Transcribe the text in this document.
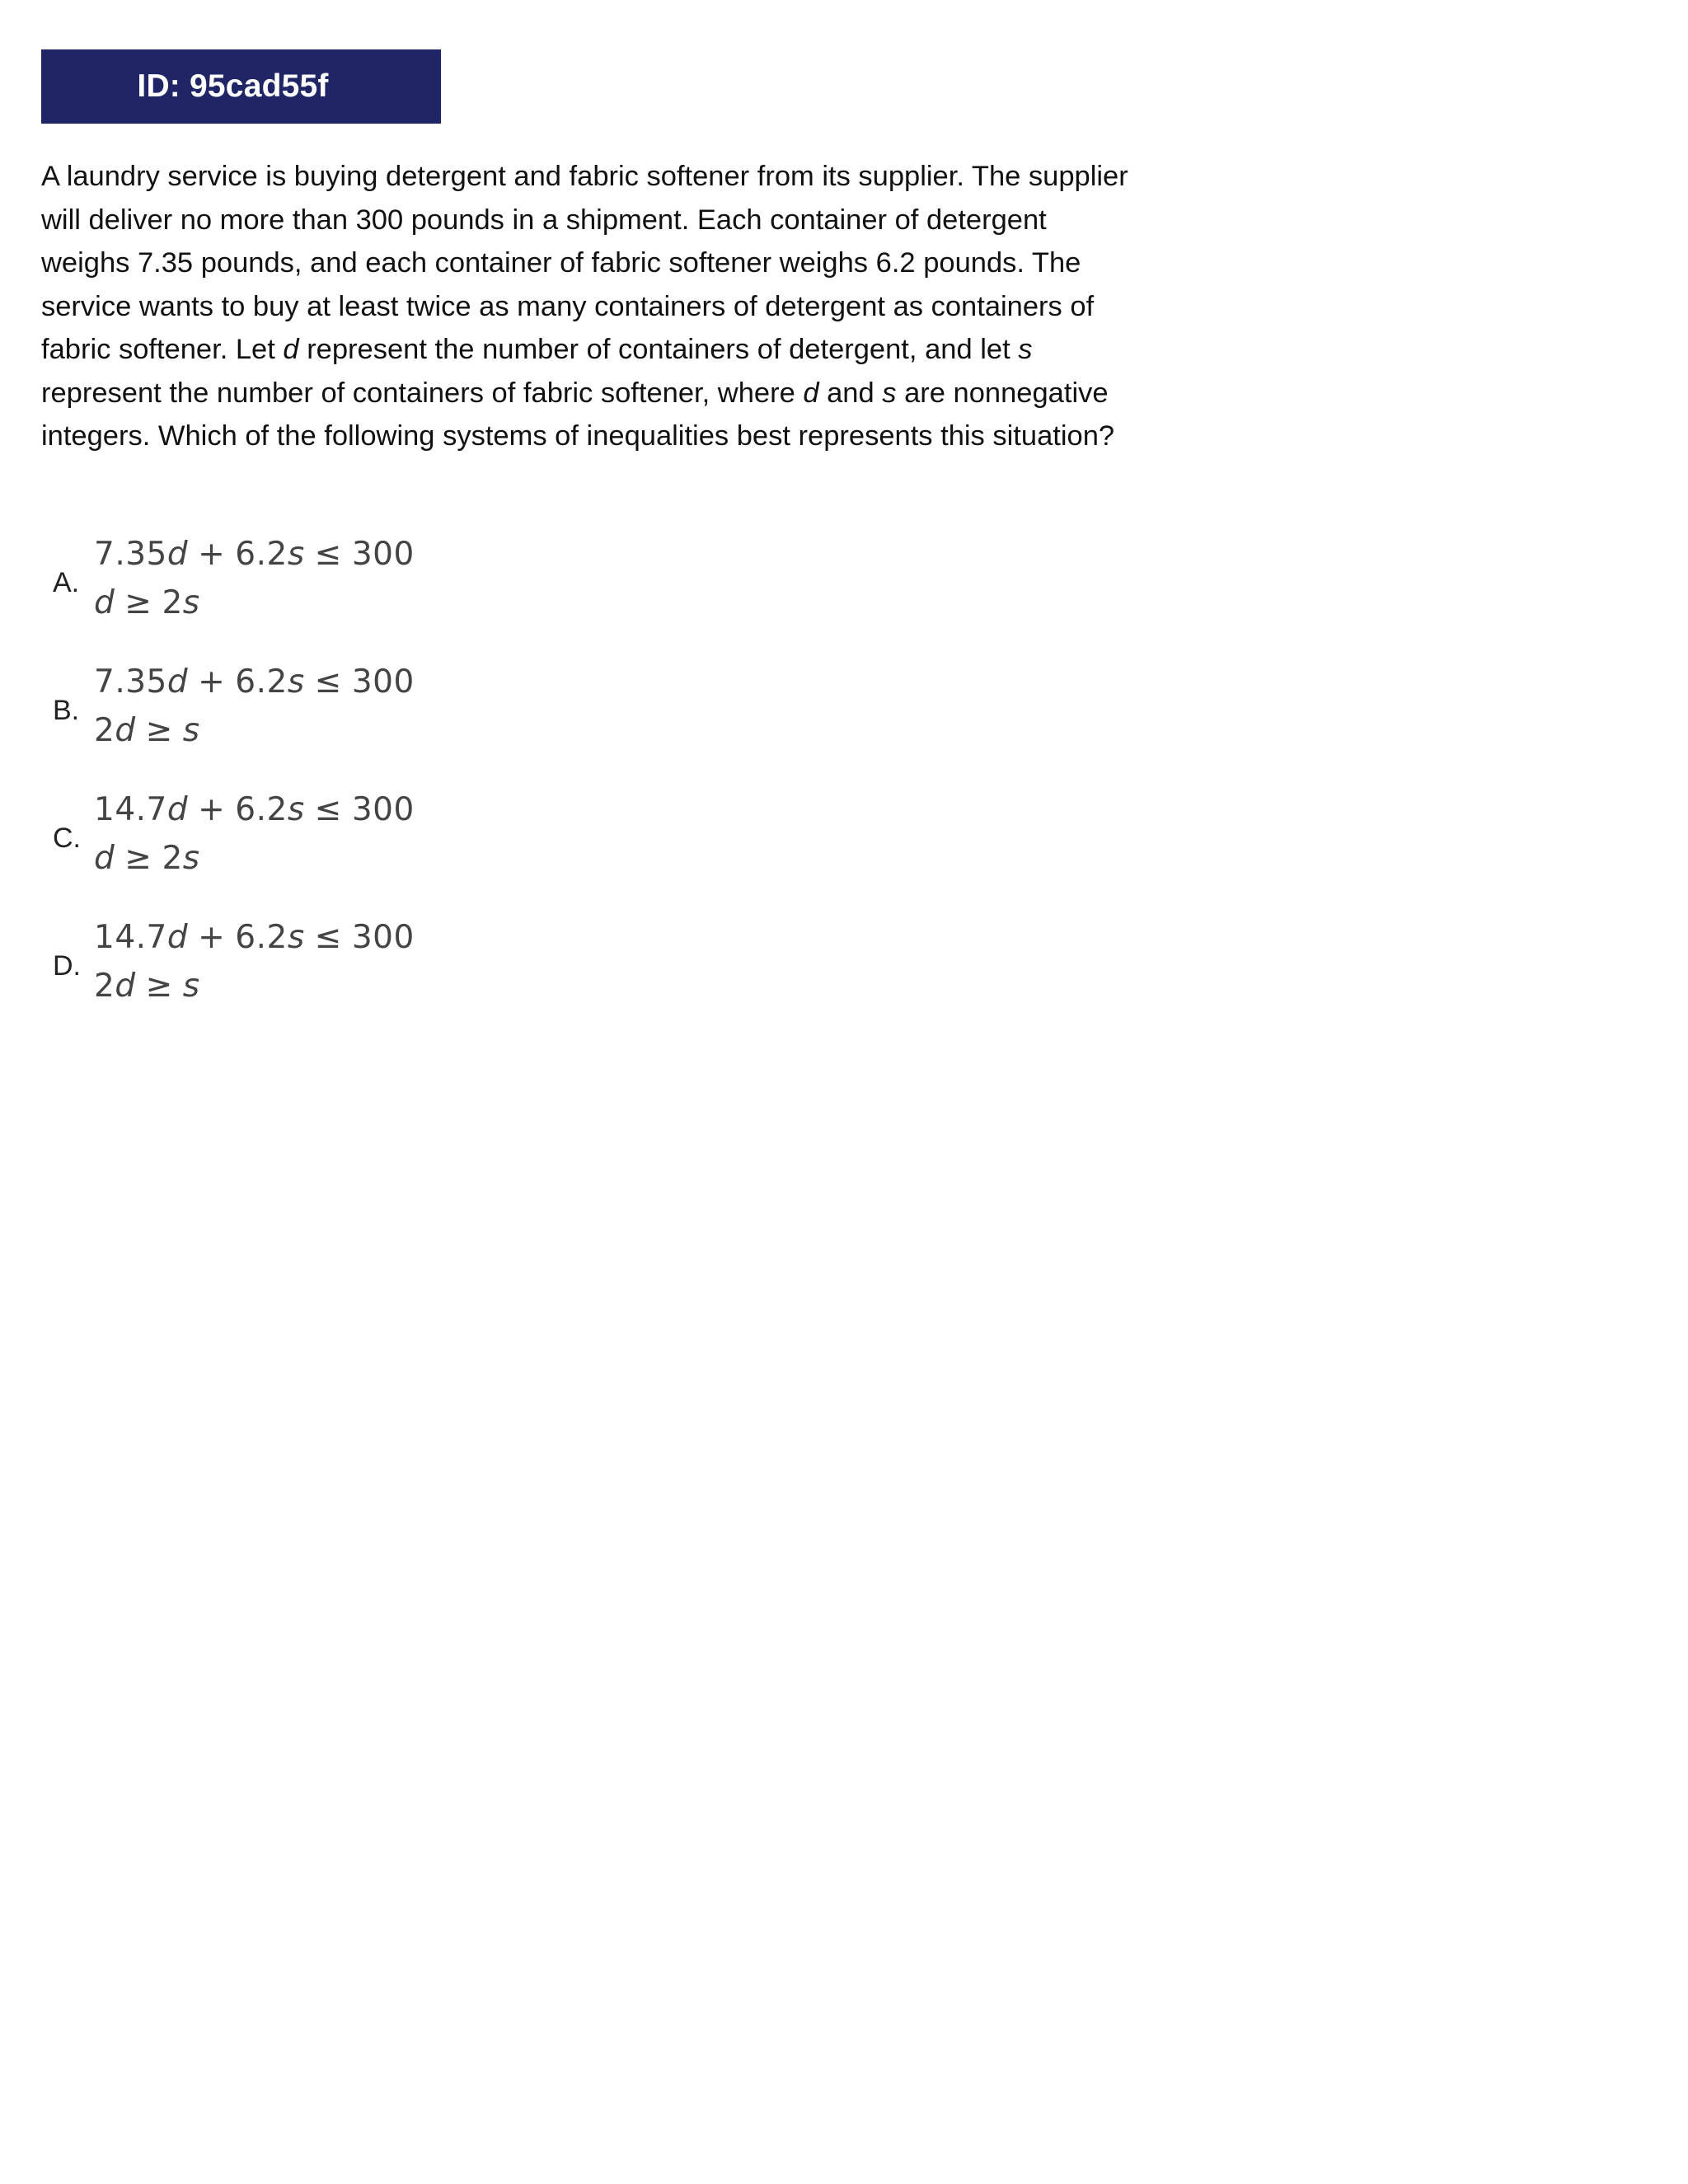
ID: 95cad55f

A laundry service is buying detergent and fabric softener from its supplier. The supplier will deliver no more than 300 pounds in a shipment. Each container of detergent weighs 7.35 pounds, and each container of fabric softener weighs 6.2 pounds. The service wants to buy at least twice as many containers of detergent as containers of fabric softener. Let d represent the number of containers of detergent, and let s represent the number of containers of fabric softener, where d and s are nonnegative integers. Which of the following systems of inequalities best represents this situation?

A.
7.35d + 6.2s ≤ 300
d ≥ 2s
B.
7.35d + 6.2s ≤ 300
2d ≥ s
C.
14.7d + 6.2s ≤ 300
d ≥ 2s
D.
14.7d + 6.2s ≤ 300
2d ≥ s
